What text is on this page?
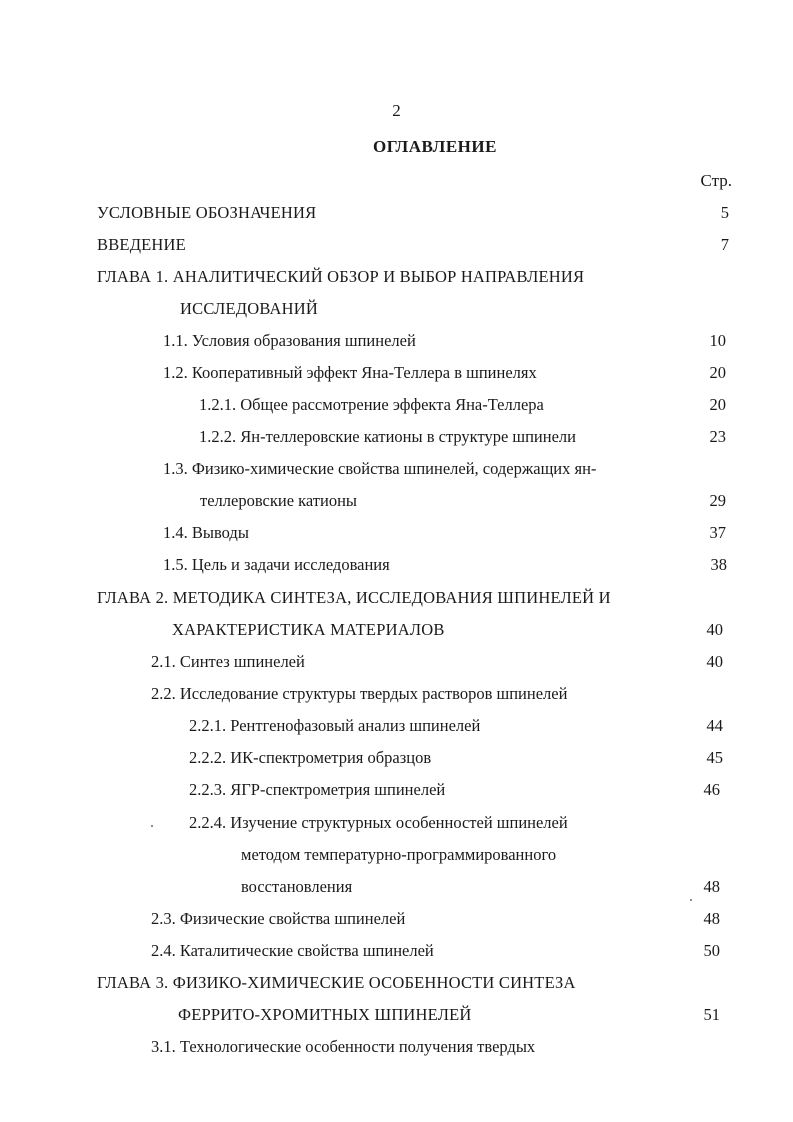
2
ОГЛАВЛЕНИЕ
Стр.
УСЛОВНЫЕ ОБОЗНАЧЕНИЯ	5
ВВЕДЕНИЕ	7
ГЛАВА 1. АНАЛИТИЧЕСКИЙ ОБЗОР И ВЫБОР НАПРАВЛЕНИЯ
ИССЛЕДОВАНИЙ
1.1. Условия образования шпинелей	10
1.2. Кооперативный эффект Яна-Теллера в шпинелях	20
1.2.1. Общее рассмотрение эффекта Яна-Теллера	20
1.2.2. Ян-теллеровские катионы в структуре шпинели	23
1.3. Физико-химические свойства шпинелей, содержащих ян-
теллеровские катионы	29
1.4. Выводы	37
1.5. Цель и задачи исследования	38
ГЛАВА 2. МЕТОДИКА СИНТЕЗА, ИССЛЕДОВАНИЯ ШПИНЕЛЕЙ И
ХАРАКТЕРИСТИКА МАТЕРИАЛОВ	40
2.1. Синтез шпинелей	40
2.2. Исследование структуры твердых растворов шпинелей
2.2.1. Рентгенофазовый анализ шпинелей	44
2.2.2. ИК-спектрометрия образцов	45
2.2.3. ЯГР-спектрометрия шпинелей	46
2.2.4. Изучение структурных особенностей шпинелей
методом температурно-программированного
восстановления	48
2.3. Физические свойства шпинелей	48
2.4. Каталитические свойства шпинелей	50
ГЛАВА 3. ФИЗИКО-ХИМИЧЕСКИЕ ОСОБЕННОСТИ СИНТЕЗА
ФЕРРИТО-ХРОМИТНЫХ ШПИНЕЛЕЙ	51
3.1. Технологические особенности получения твердых
